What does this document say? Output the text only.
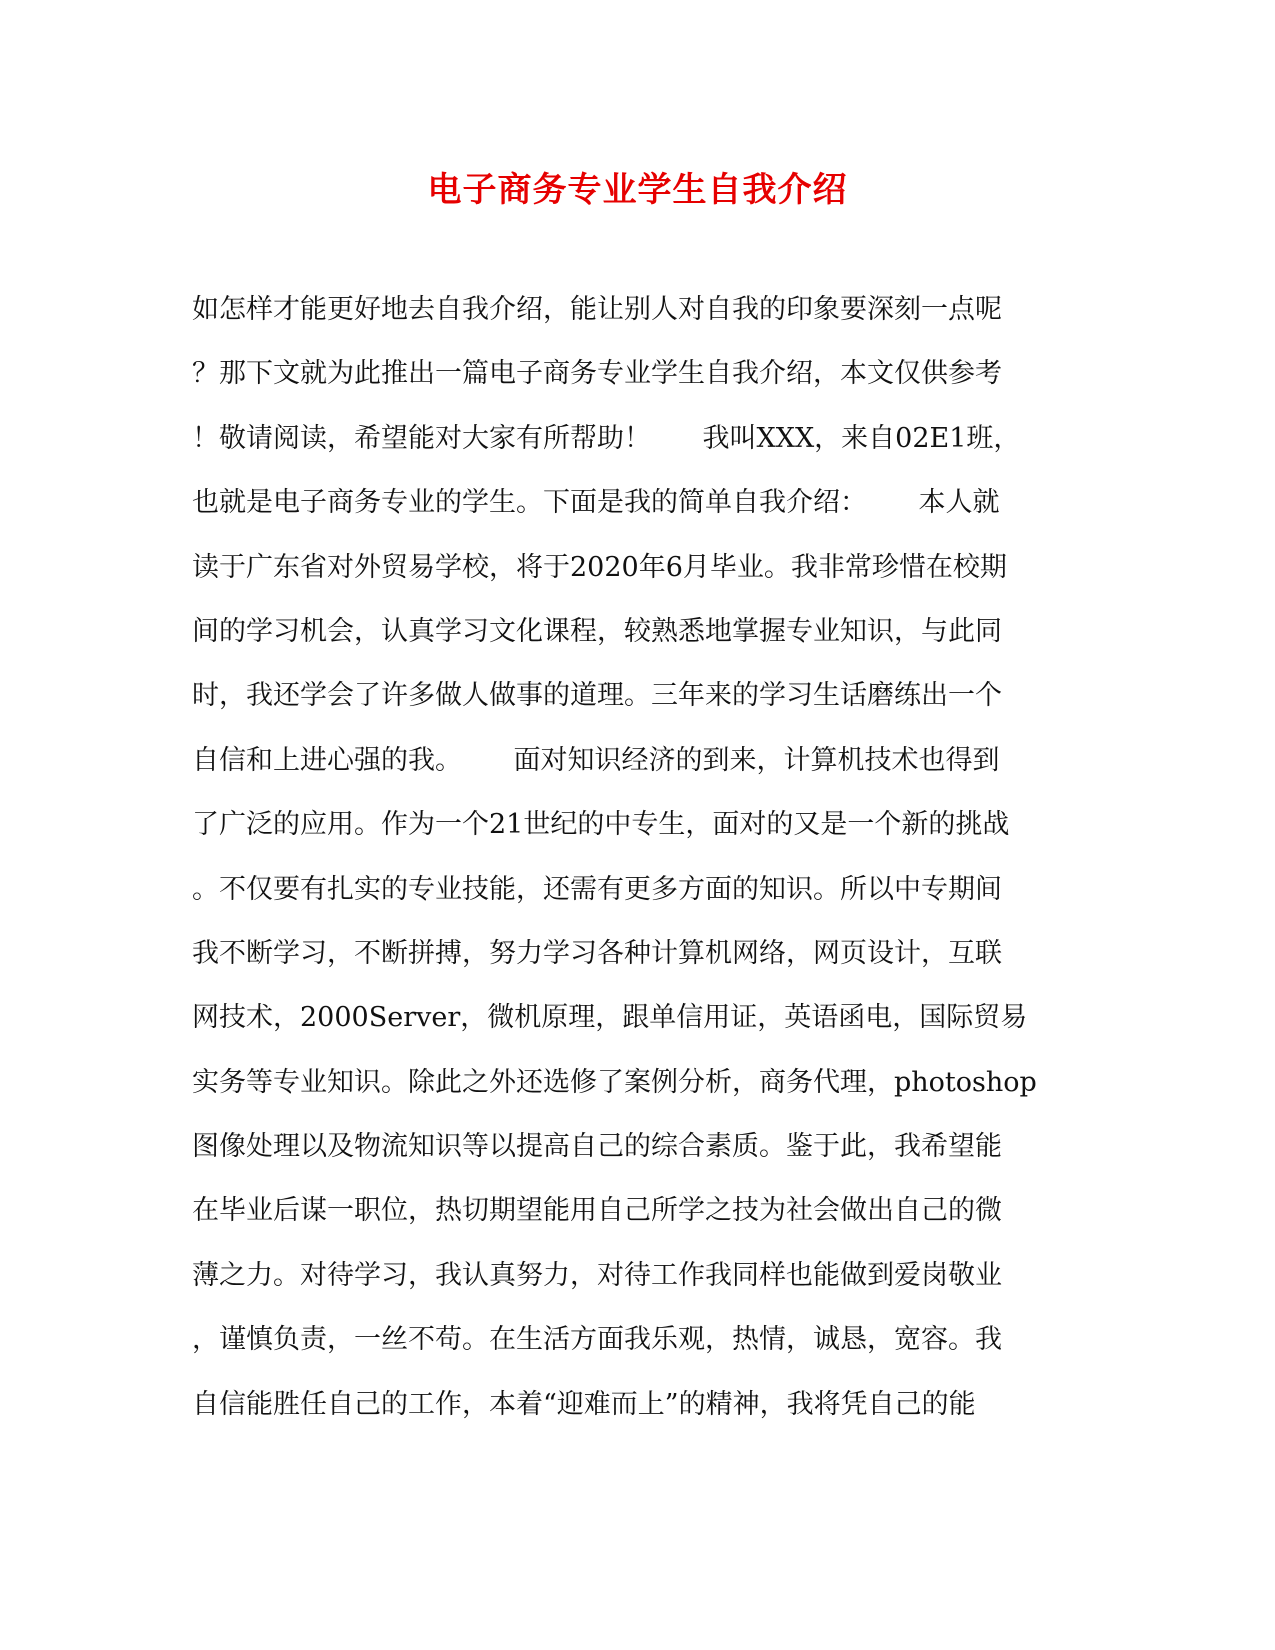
电子商务专业学生自我介绍
如怎样才能更好地去自我介绍，能让别人对自我的印象要深刻一点呢
？那下文就为此推出一篇电子商务专业学生自我介绍，本文仅供参考
！敬请阅读，希望能对大家有所帮助！      我叫XXX，来自02E1班，
也就是电子商务专业的学生。下面是我的简单自我介绍：      本人就
读于广东省对外贸易学校，将于2020年6月毕业。我非常珍惜在校期
间的学习机会，认真学习文化课程，较熟悉地掌握专业知识，与此同
时，我还学会了许多做人做事的道理。三年来的学习生话磨练出一个
自信和上进心强的我。      面对知识经济的到来，计算机技术也得到
了广泛的应用。作为一个21世纪的中专生，面对的又是一个新的挑战
。不仅要有扎实的专业技能，还需有更多方面的知识。所以中专期间
我不断学习，不断拼搏，努力学习各种计算机网络，网页设计，互联
网技术，2000Server，微机原理，跟单信用证，英语函电，国际贸易
实务等专业知识。除此之外还选修了案例分析，商务代理，photoshop
图像处理以及物流知识等以提高自己的综合素质。鉴于此，我希望能
在毕业后谋一职位，热切期望能用自己所学之技为社会做出自己的微
薄之力。对待学习，我认真努力，对待工作我同样也能做到爱岗敬业
，谨慎负责，一丝不苟。在生活方面我乐观，热情，诚恳，宽容。我
自信能胜任自己的工作，本着“迎难而上”的精神，我将凭自己的能
